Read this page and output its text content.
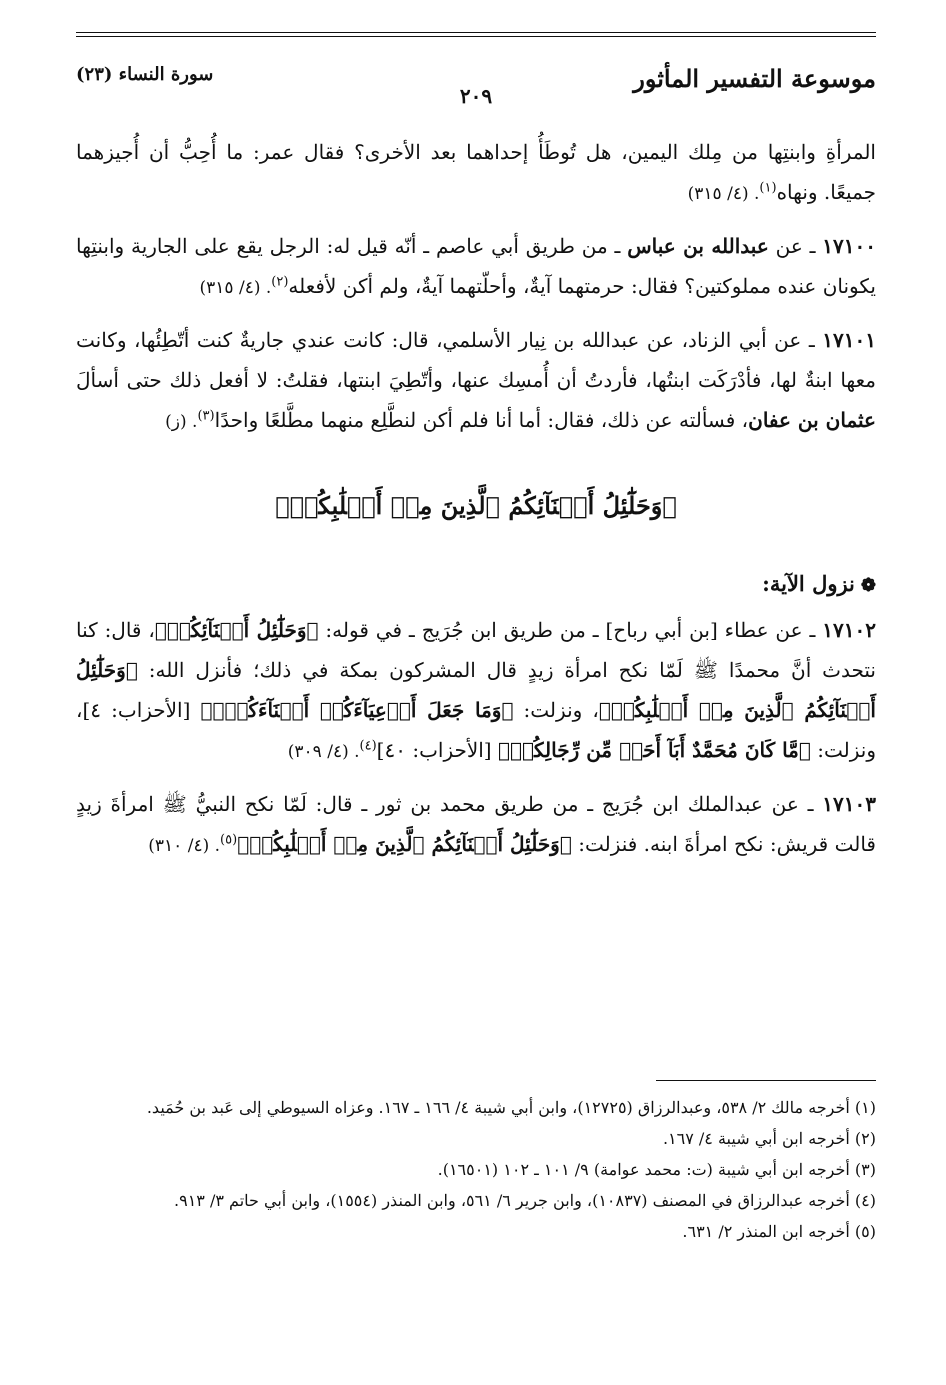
موسوعة التفسير المأثور
٢٠٩
سورة النساء (٢٣)

المرأةِ وابنتِها من مِلك اليمين، هل تُوطَأُ إحداهما بعد الأخرى؟ فقال عمر: ما أُحِبُّ أن أُجيزهما جميعًا. ونهاه$^{(١)}$. (٤/ ٣١٥)

١٧١٠٠ ـ عن عبدالله بن عباس ـ من طريق أبي عاصم ـ أنّه قيل له: الرجل يقع على الجارية وابنتِها يكونان عنده مملوكتين؟ فقال: حرمتهما آيةٌ، وأحلّتهما آيةٌ، ولم أكن لأفعله$^{(٢)}$. (٤/ ٣١٥)

١٧١٠١ ـ عن أبي الزناد، عن عبدالله بن نِيار الأسلمي، قال: كانت عندي جاريةٌ كنت أتّطِئُها، وكانت معها ابنةٌ لها، فأدْرَكَت ابنتُها، فأردتُ أن أُمسِك عنها، وأتّطِيَ ابنتها، فقلتُ: لا أفعل ذلك حتى أسألَ عثمان بن عفان، فسألته عن ذلك، فقال: أما أنا فلم أكن لنطَّلِع منهما مطَّلعًا واحدًا$^{(٣)}$. (ز)

﴿وَحَلَٰٓئِلُ أَبۡنَآئِكُمُ ٱلَّذِينَ مِنۡ أَصۡلَٰبِكُمۡ﴾
❁نزول الآية:

١٧١٠٢ ـ عن عطاء [بن أبي رباح] ـ من طريق ابن جُرَيج ـ في قوله: ﴿وَحَلَٰٓئِلُ أَبۡنَآئِكُمۡ﴾، قال: كنا نتحدث أنَّ محمدًا ﷺ لَمّا نكح امرأة زيدٍ قال المشركون بمكة في ذلك؛ فأنزل الله: ﴿وَحَلَٰٓئِلُ أَبۡنَآئِكُمُ ٱلَّذِينَ مِنۡ أَصۡلَٰبِكُمۡ﴾، ونزلت: ﴿وَمَا جَعَلَ أَدۡعِيَآءَكُمۡ أَبۡنَآءَكُمۡۚ﴾ [الأحزاب: ٤]، ونزلت: ﴿مَّا كَانَ مُحَمَّدٌ أَبَآ أَحَدٖ مِّن رِّجَالِكُمۡ﴾ [الأحزاب: ٤٠]$^{(٤)}$. (٤/ ٣٠٩)

١٧١٠٣ ـ عن عبدالملك ابن جُرَيج ـ من طريق محمد بن ثور ـ قال: لَمّا نكح النبيُّ ﷺ امرأةَ زيدٍ قالت قريش: نكح امرأةَ ابنه. فنزلت: ﴿وَحَلَٰٓئِلُ أَبۡنَآئِكُمُ ٱلَّذِينَ مِنۡ أَصۡلَٰبِكُمۡ﴾$^{(٥)}$. (٤/ ٣١٠)

(١) أخرجه مالك ٢/ ٥٣٨، وعبدالرزاق (١٢٧٢٥)، وابن أبي شيبة ٤/ ١٦٦ ـ ١٦٧. وعزاه السيوطي إلى عَبد بن حُمَيد.
(٢) أخرجه ابن أبي شيبة ٤/ ١٦٧.
(٣) أخرجه ابن أبي شيبة (ت: محمد عوامة) ٩/ ١٠١ ـ ١٠٢ (١٦٥٠١).
(٤) أخرجه عبدالرزاق في المصنف (١٠٨٣٧)، وابن جرير ٦/ ٥٦١، وابن المنذر (١٥٥٤)، وابن أبي حاتم ٣/ ٩١٣.
(٥) أخرجه ابن المنذر ٢/ ٦٣١.
